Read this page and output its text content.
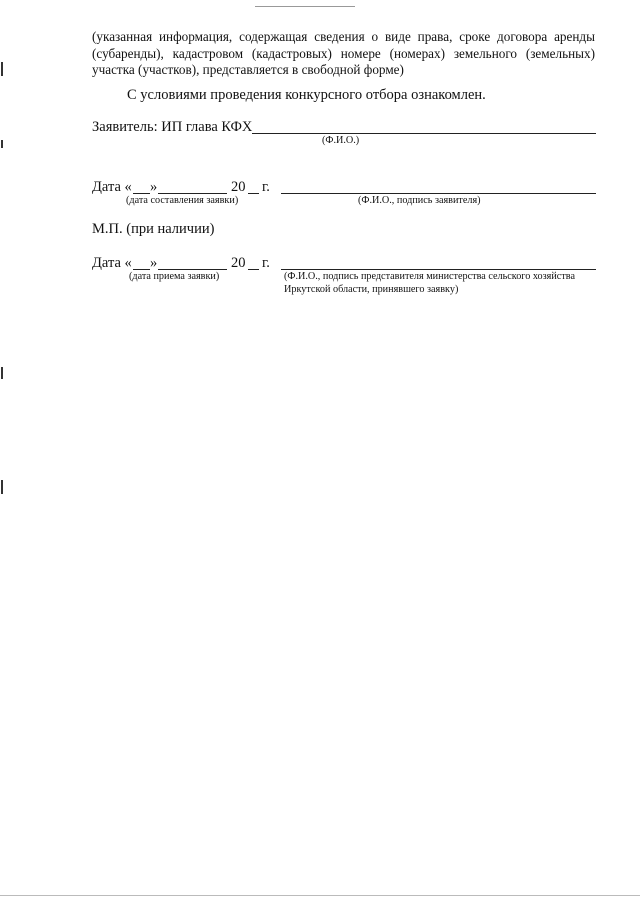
(указанная информация, содержащая сведения о виде права, сроке договора аренды (субаренды), кадастровом (кадастровых) номере (номерах) земельного (земельных) участка (участков), представляется в свободной форме)
С условиями проведения конкурсного отбора ознакомлен.
Заявитель: ИП глава КФХ
(Ф.И.О.)
Дата « »	20 г.
(дата составления заявки)	(Ф.И.О., подпись заявителя)
М.П. (при наличии)
Дата « »	20 г.
(дата приема заявки)	(Ф.И.О., подпись представителя министерства сельского хозяйства Иркутской области, принявшего заявку)
